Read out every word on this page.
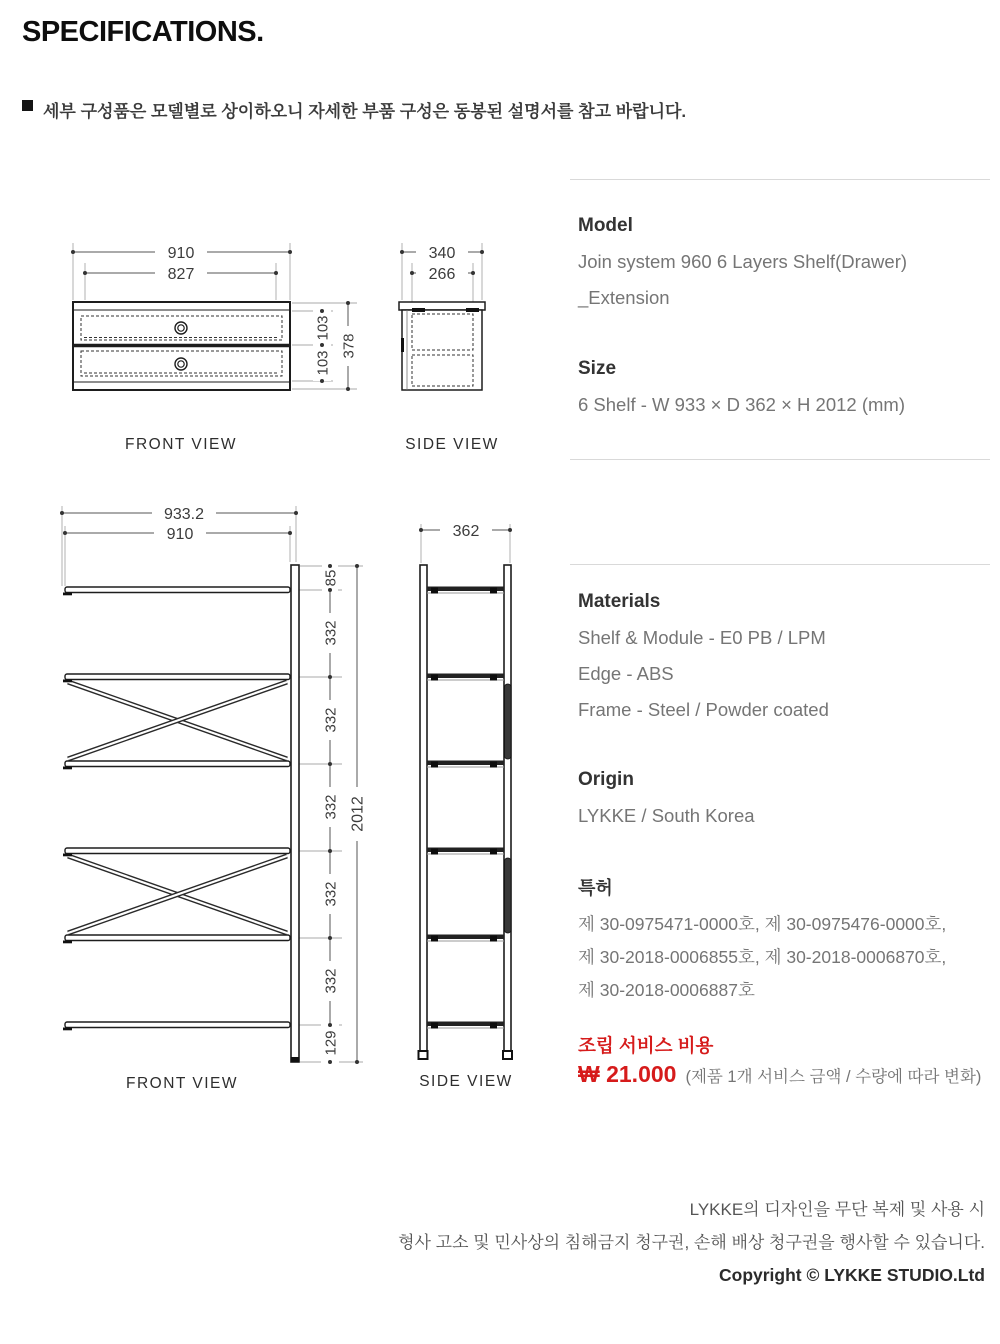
SPECIFICATIONS.
세부 구성품은 모델별로 상이하오니 자세한 부품 구성은 동봉된 설명서를 참고 바랍니다.
910
827
103
103
378
FRONT VIEW
340
266
SIDE VIEW
85
332
332
332
332
332
129
2012
933.2
910
FRONT VIEW
362
SIDE VIEW
Model
Join system 960 6 Layers Shelf(Drawer)
_Extension
Size
6 Shelf - W 933 × D 362 × H 2012 (mm)
Materials
Shelf & Module - E0 PB / LPM
Edge - ABS
Frame - Steel / Powder coated
Origin
LYKKE / South Korea
특허
제 30-0975471-0000호, 제 30-0975476-0000호,
제 30-2018-0006855호, 제 30-2018-0006870호,
제 30-2018-0006887호
조립 서비스 비용
₩ 21.000 (제품 1개 서비스 금액 / 수량에 따라 변화)
LYKKE의 디자인을 무단 복제 및 사용 시
형사 고소 및 민사상의 침해금지 청구권, 손해 배상 청구권을 행사할 수 있습니다.
Copyright © LYKKE STUDIO.Ltd
